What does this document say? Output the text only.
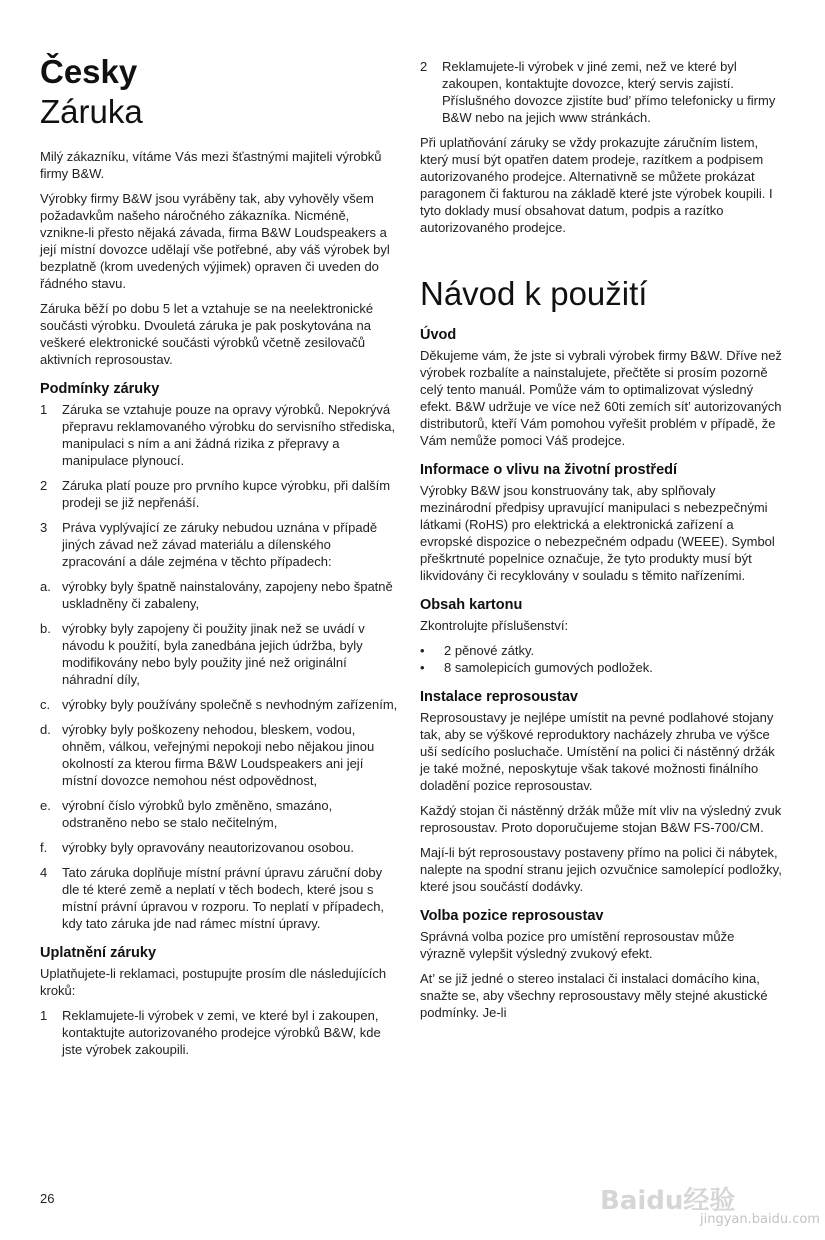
Česky
Záruka

Milý zákazníku, vítáme Vás mezi šťastnými majiteli výrobků firmy B&W.

Výrobky firmy B&W jsou vyráběny tak, aby vyhověly všem požadavkům našeho náročného zákazníka. Nicméně, vznikne-li přesto nějaká závada, firma B&W Loudspeakers a její místní dovozce udělají vše potřebné, aby váš výrobek byl bezplatně (krom uvedených výjimek) opraven či uveden do řádného stavu.

Záruka běží po dobu 5 let a vztahuje se na neelektronické součásti výrobku. Dvouletá záruka je pak poskytována na veškeré elektronické součásti výrobků včetně zesilovačů aktivních reprosoustav.

Podmínky záruky
1	Záruka se vztahuje pouze na opravy výrobků. Nepokrývá přepravu reklamovaného výrobku do servisního střediska, manipulaci s ním a ani žádná rizika z přepravy a manipulace plynoucí.
2	Záruka platí pouze pro prvního kupce výrobku, při dalším prodeji se již nepřenáší.
3	Práva vyplývající ze záruky nebudou uznána v případě jiných závad než závad materiálu a dílenského zpracování a dále zejména v těchto případech:
a. výrobky byly špatně nainstalovány, zapojeny nebo špatně uskladněny či zabaleny,
b. výrobky byly zapojeny či použity jinak než se uvádí v návodu k použití, byla zanedbána jejich údržba, byly modifikovány nebo byly použity jiné než originální náhradní díly,
c. výrobky byly používány společně s nevhodným zařízením,
d. výrobky byly poškozeny nehodou, bleskem, vodou, ohněm, válkou, veřejnými nepokoji nebo nějakou jinou okolností za kterou firma B&W Loudspeakers ani její místní dovozce nemohou nést odpovědnost,
e. výrobní číslo výrobků bylo změněno, smazáno, odstraněno nebo se stalo nečitelným,
f.	výrobky byly opravovány neautorizovanou osobou.
4	Tato záruka doplňuje místní právní úpravu záruční doby dle té které země a neplatí v těch bodech, které jsou s místní právní úpravou v rozporu. To neplatí v případech, kdy tato záruka jde nad rámec místní úpravy.
Uplatnění záruky

Uplatňujete-li reklamaci, postupujte prosím dle následujících kroků:

1	Reklamujete-li výrobek v zemi, ve které byl i zakoupen, kontaktujte autorizovaného prodejce výrobků B&W, kde jste výrobek zakoupili.
2	Reklamujete-li výrobek v jiné zemi, než ve které byl zakoupen, kontaktujte dovozce, který servis zajistí. Příslušného dovozce zjistíte bud’ přímo telefonicky u firmy B&W nebo na jejich www stránkách.

Při uplatňování záruky se vždy prokazujte záručním listem, který musí být opatřen datem prodeje, razítkem a podpisem autorizovaného prodejce. Alternativně se můžete prokázat paragonem či fakturou na základě které jste výrobek koupili. I tyto doklady musí obsahovat datum, podpis a razítko autorizovaného prodejce.

Návod k použití
Úvod

Děkujeme vám, že jste si vybrali výrobek firmy B&W. Dříve než výrobek rozbalíte a nainstalujete, přečtěte si prosím pozorně celý tento manuál. Pomůže vám to optimalizovat výsledný efekt. B&W udržuje ve více než 60ti zemích sít’ autorizovaných distributorů, kteří Vám pomohou vyřešit problém v případě, že Vám nemůže pomoci Váš prodejce.

Informace o vlivu na životní prostředí

Výrobky B&W jsou konstruovány tak, aby splňovaly mezinárodní předpisy upravující manipulaci s nebezpečnými látkami (RoHS) pro elektrická a elektronická zařízení a evropské dispozice o nebezpečném odpadu (WEEE). Symbol přeškrtnuté popelnice označuje, že tyto produkty musí být likvidovány či recyklovány v souladu s těmito nařízeními.

Obsah kartonu

Zkontrolujte příslušenství:

•	2 pěnové zátky.
•	8 samolepicích gumových podložek.
Instalace reprosoustav

Reprosoustavy je nejlépe umístit na pevné podlahové stojany tak, aby se výškové reproduktory nacházely zhruba ve výšce uší sedícího posluchače. Umístění na polici či nástěnný držák je také možné, neposkytuje však takové možnosti finálního doladění pozice reprosoustav.

Každý stojan či nástěnný držák může mít vliv na výsledný zvuk reprosoustav. Proto doporučujeme stojan B&W FS-700/CM.

Mají-li být reprosoustavy postaveny přímo na polici či nábytek, nalepte na spodní stranu jejich ozvučnice samolepící podložky, které jsou součástí dodávky.

Volba pozice reprosoustav

Správná volba pozice pro umístění reprosoustav může výrazně vylepšit výsledný zvukový efekt.

At’ se již jedné o stereo instalaci či instalaci domácího kina, snažte se, aby všechny reprosoustavy měly stejné akustické podmínky. Je-li

26	Baidu经验
jingyan.baidu.com
